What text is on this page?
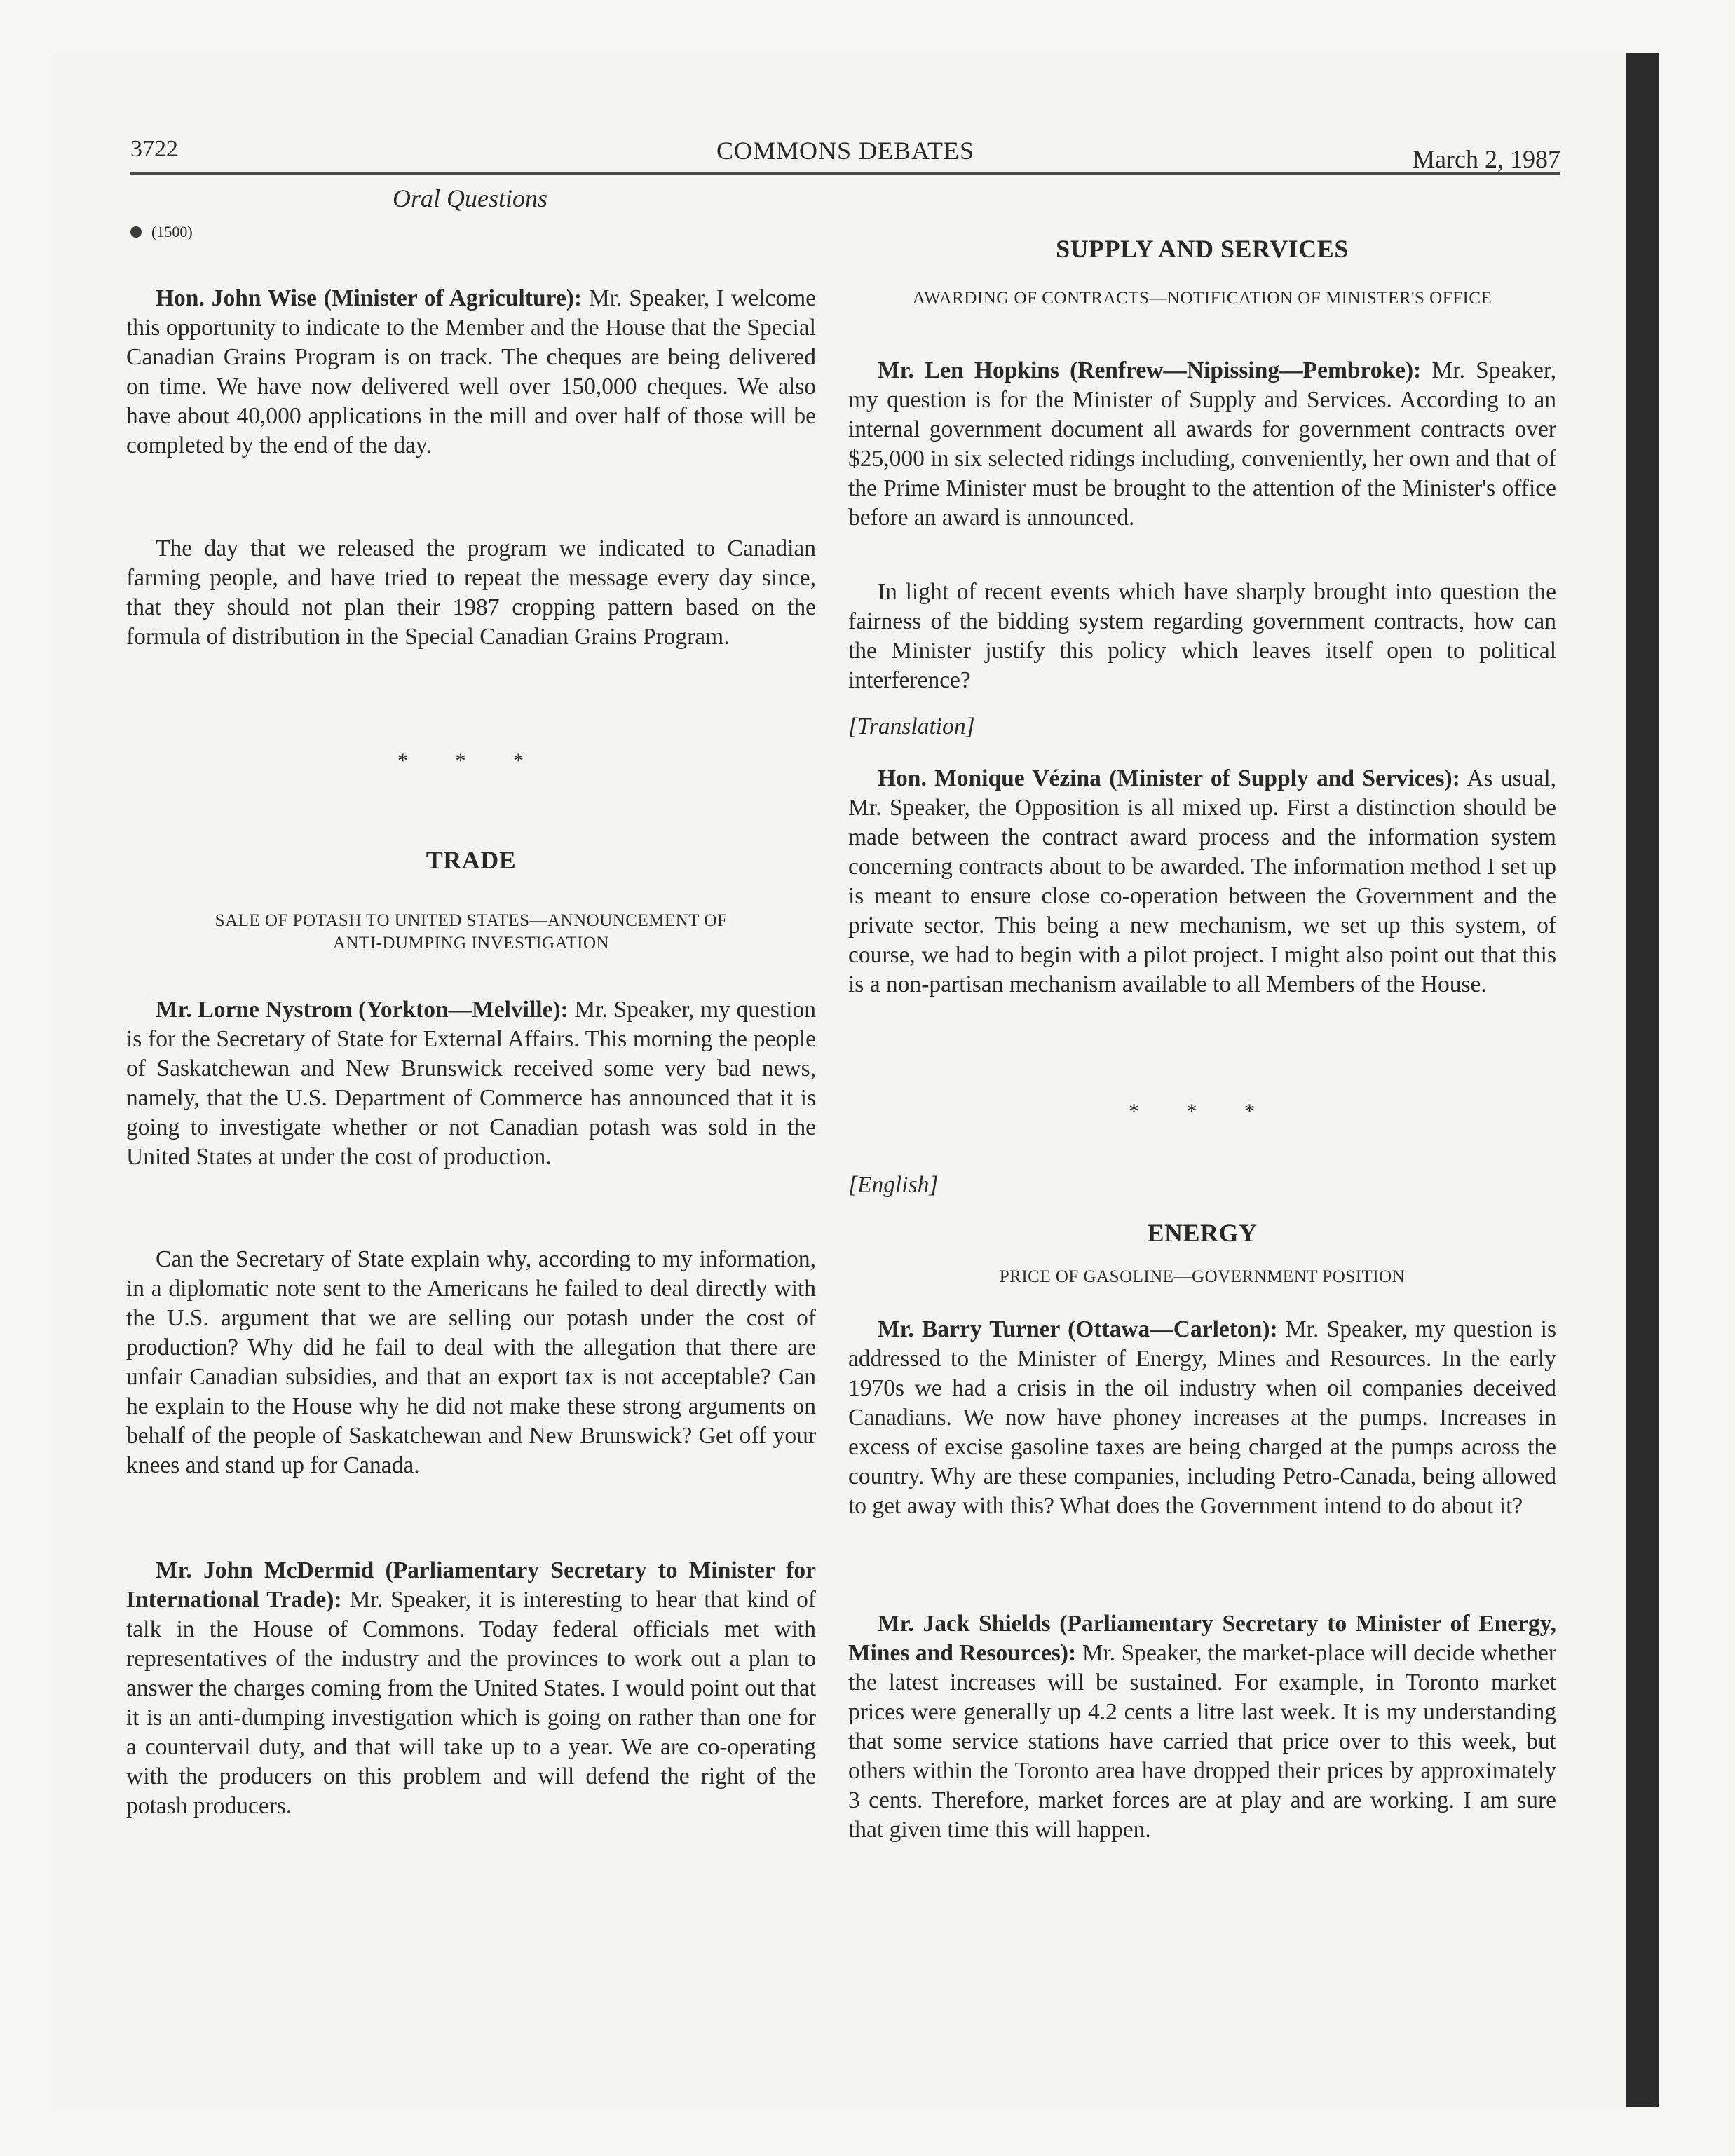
3722	COMMONS DEBATES	March 2, 1987
Oral Questions
(1500)

Hon. John Wise (Minister of Agriculture): Mr. Speaker, I welcome this opportunity to indicate to the Member and the House that the Special Canadian Grains Program is on track. The cheques are being delivered on time. We have now delivered well over 150,000 cheques. We also have about 40,000 applications in the mill and over half of those will be completed by the end of the day.

The day that we released the program we indicated to Canadian farming people, and have tried to repeat the message every day since, that they should not plan their 1987 cropping pattern based on the formula of distribution in the Special Canadian Grains Program.

* * *
TRADE
SALE OF POTASH TO UNITED STATES—ANNOUNCEMENT OF ANTI-DUMPING INVESTIGATION

Mr. Lorne Nystrom (Yorkton—Melville): Mr. Speaker, my question is for the Secretary of State for External Affairs. This morning the people of Saskatchewan and New Brunswick received some very bad news, namely, that the U.S. Department of Commerce has announced that it is going to investigate whether or not Canadian potash was sold in the United States at under the cost of production.

Can the Secretary of State explain why, according to my information, in a diplomatic note sent to the Americans he failed to deal directly with the U.S. argument that we are selling our potash under the cost of production? Why did he fail to deal with the allegation that there are unfair Canadian subsidies, and that an export tax is not acceptable? Can he explain to the House why he did not make these strong arguments on behalf of the people of Saskatchewan and New Brunswick? Get off your knees and stand up for Canada.

Mr. John McDermid (Parliamentary Secretary to Minister for International Trade): Mr. Speaker, it is interesting to hear that kind of talk in the House of Commons. Today federal officials met with representatives of the industry and the provinces to work out a plan to answer the charges coming from the United States. I would point out that it is an anti-dumping investigation which is going on rather than one for a countervail duty, and that will take up to a year. We are co-operating with the producers on this problem and will defend the right of the potash producers.

SUPPLY AND SERVICES
AWARDING OF CONTRACTS—NOTIFICATION OF MINISTER'S OFFICE

Mr. Len Hopkins (Renfrew—Nipissing—Pembroke): Mr. Speaker, my question is for the Minister of Supply and Services. According to an internal government document all awards for government contracts over $25,000 in six selected ridings including, conveniently, her own and that of the Prime Minister must be brought to the attention of the Minister's office before an award is announced.

In light of recent events which have sharply brought into question the fairness of the bidding system regarding government contracts, how can the Minister justify this policy which leaves itself open to political interference?

[Translation]

Hon. Monique Vézina (Minister of Supply and Services): As usual, Mr. Speaker, the Opposition is all mixed up. First a distinction should be made between the contract award process and the information system concerning contracts about to be awarded. The information method I set up is meant to ensure close co-operation between the Government and the private sector. This being a new mechanism, we set up this system, of course, we had to begin with a pilot project. I might also point out that this is a non-partisan mechanism available to all Members of the House.

* * *
[English]
ENERGY
PRICE OF GASOLINE—GOVERNMENT POSITION

Mr. Barry Turner (Ottawa—Carleton): Mr. Speaker, my question is addressed to the Minister of Energy, Mines and Resources. In the early 1970s we had a crisis in the oil industry when oil companies deceived Canadians. We now have phoney increases at the pumps. Increases in excess of excise gasoline taxes are being charged at the pumps across the country. Why are these companies, including Petro-Canada, being allowed to get away with this? What does the Government intend to do about it?

Mr. Jack Shields (Parliamentary Secretary to Minister of Energy, Mines and Resources): Mr. Speaker, the market-place will decide whether the latest increases will be sustained. For example, in Toronto market prices were generally up 4.2 cents a litre last week. It is my understanding that some service stations have carried that price over to this week, but others within the Toronto area have dropped their prices by approximately 3 cents. Therefore, market forces are at play and are working. I am sure that given time this will happen.
